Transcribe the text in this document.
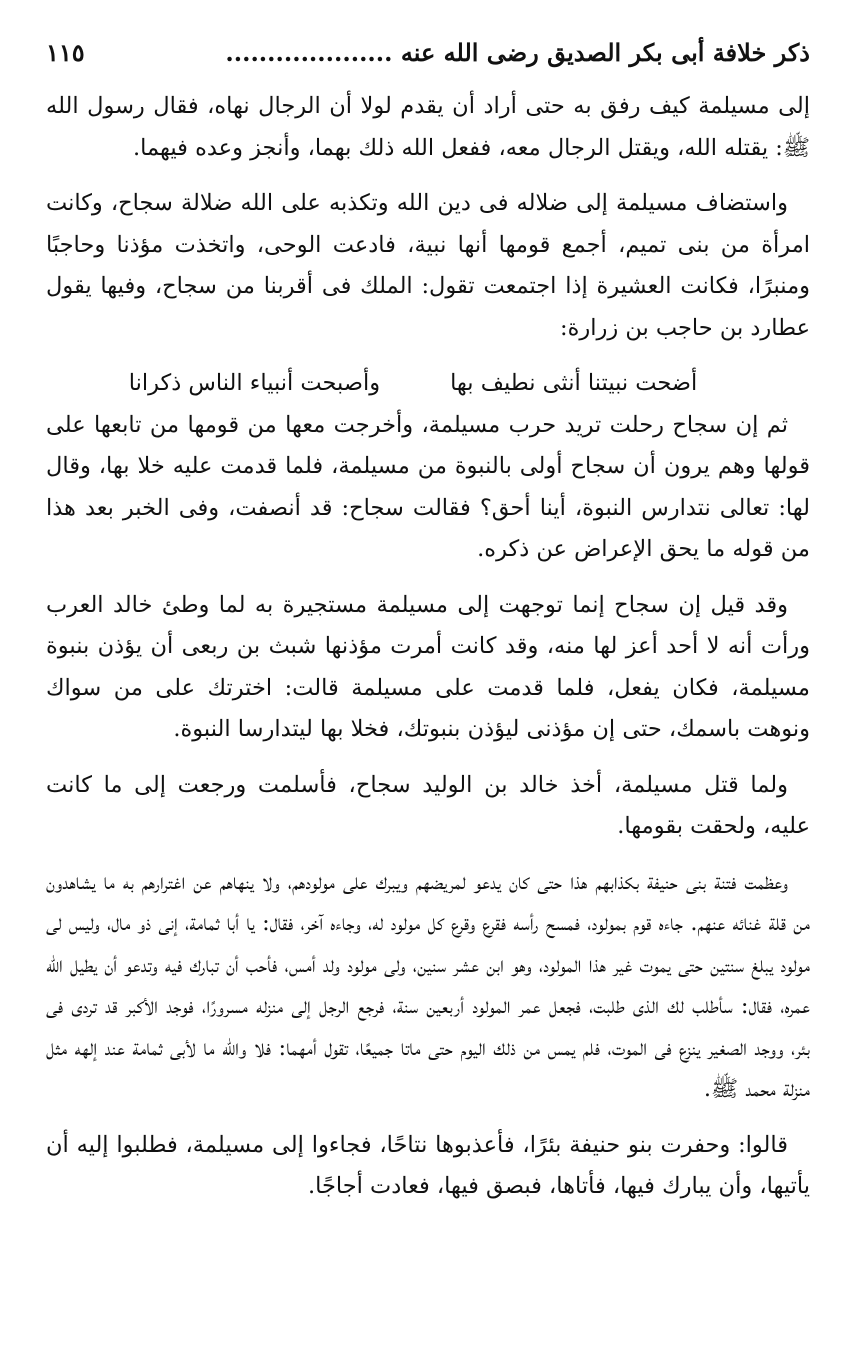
ذكر خلافة أبى بكر الصديق رضى الله عنه ....................
١١٥

إلى مسيلمة كيف رفق به حتى أراد أن يقدم لولا أن الرجال نهاه، فقال رسول الله ﷺ: يقتله الله، ويقتل الرجال معه، ففعل الله ذلك بهما، وأنجز وعده فيهما.

واستضاف مسيلمة إلى ضلاله فى دين الله وتكذبه على الله ضلالة سجاح، وكانت امرأة من بنى تميم، أجمع قومها أنها نبية، فادعت الوحى، واتخذت مؤذنا وحاجبًا ومنبرًا، فكانت العشيرة إذا اجتمعت تقول: الملك فى أقربنا من سجاح، وفيها يقول عطارد بن حاجب بن زرارة:

أضحت نبيتنا أنثى نطيف بها
وأصبحت أنبياء الناس ذكرانا

ثم إن سجاح رحلت تريد حرب مسيلمة، وأخرجت معها من قومها من تابعها على قولها وهم يرون أن سجاح أولى بالنبوة من مسيلمة، فلما قدمت عليه خلا بها، وقال لها: تعالى نتدارس النبوة، أينا أحق؟ فقالت سجاح: قد أنصفت، وفى الخبر بعد هذا من قوله ما يحق الإعراض عن ذكره.

وقد قيل إن سجاح إنما توجهت إلى مسيلمة مستجيرة به لما وطئ خالد العرب ورأت أنه لا أحد أعز لها منه، وقد كانت أمرت مؤذنها شبث بن ربعى أن يؤذن بنبوة مسيلمة، فكان يفعل، فلما قدمت على مسيلمة قالت: اخترتك على من سواك ونوهت باسمك، حتى إن مؤذنى ليؤذن بنبوتك، فخلا بها ليتدارسا النبوة.

ولما قتل مسيلمة، أخذ خالد بن الوليد سجاح، فأسلمت ورجعت إلى ما كانت عليه، ولحقت بقومها.

وعظمت فتنة بنى حنيفة بكذابهم هذا حتى كان يدعو لمريضهم ويبرك على مولودهم، ولا ينهاهم عن اغترارهم به ما يشاهدون من قلة غنائه عنهم. جاءه قوم بمولود، فمسح رأسه فقرع وقرع كل مولود له، وجاءه آخر، فقال: يا أبا ثمامة، إنى ذو مال، وليس لى مولود يبلغ سنتين حتى يموت غير هذا المولود، وهو ابن عشر سنين، ولى مولود ولد أمس، فأحب أن تبارك فيه وتدعو أن يطيل الله عمره، فقال: سأطلب لك الذى طلبت، فجعل عمر المولود أربعين سنة، فرجع الرجل إلى منزله مسرورًا، فوجد الأكبر قد تردى فى بئر، ووجد الصغير ينزع فى الموت، فلم يمس من ذلك اليوم حتى ماتا جميعًا، تقول أمهما: فلا والله ما لأبى ثمامة عند إلهه مثل منزلة محمد ﷺ.

قالوا: وحفرت بنو حنيفة بئرًا، فأعذبوها نتاحًا، فجاءوا إلى مسيلمة، فطلبوا إليه أن يأتيها، وأن يبارك فيها، فأتاها، فبصق فيها، فعادت أجاجًا.
